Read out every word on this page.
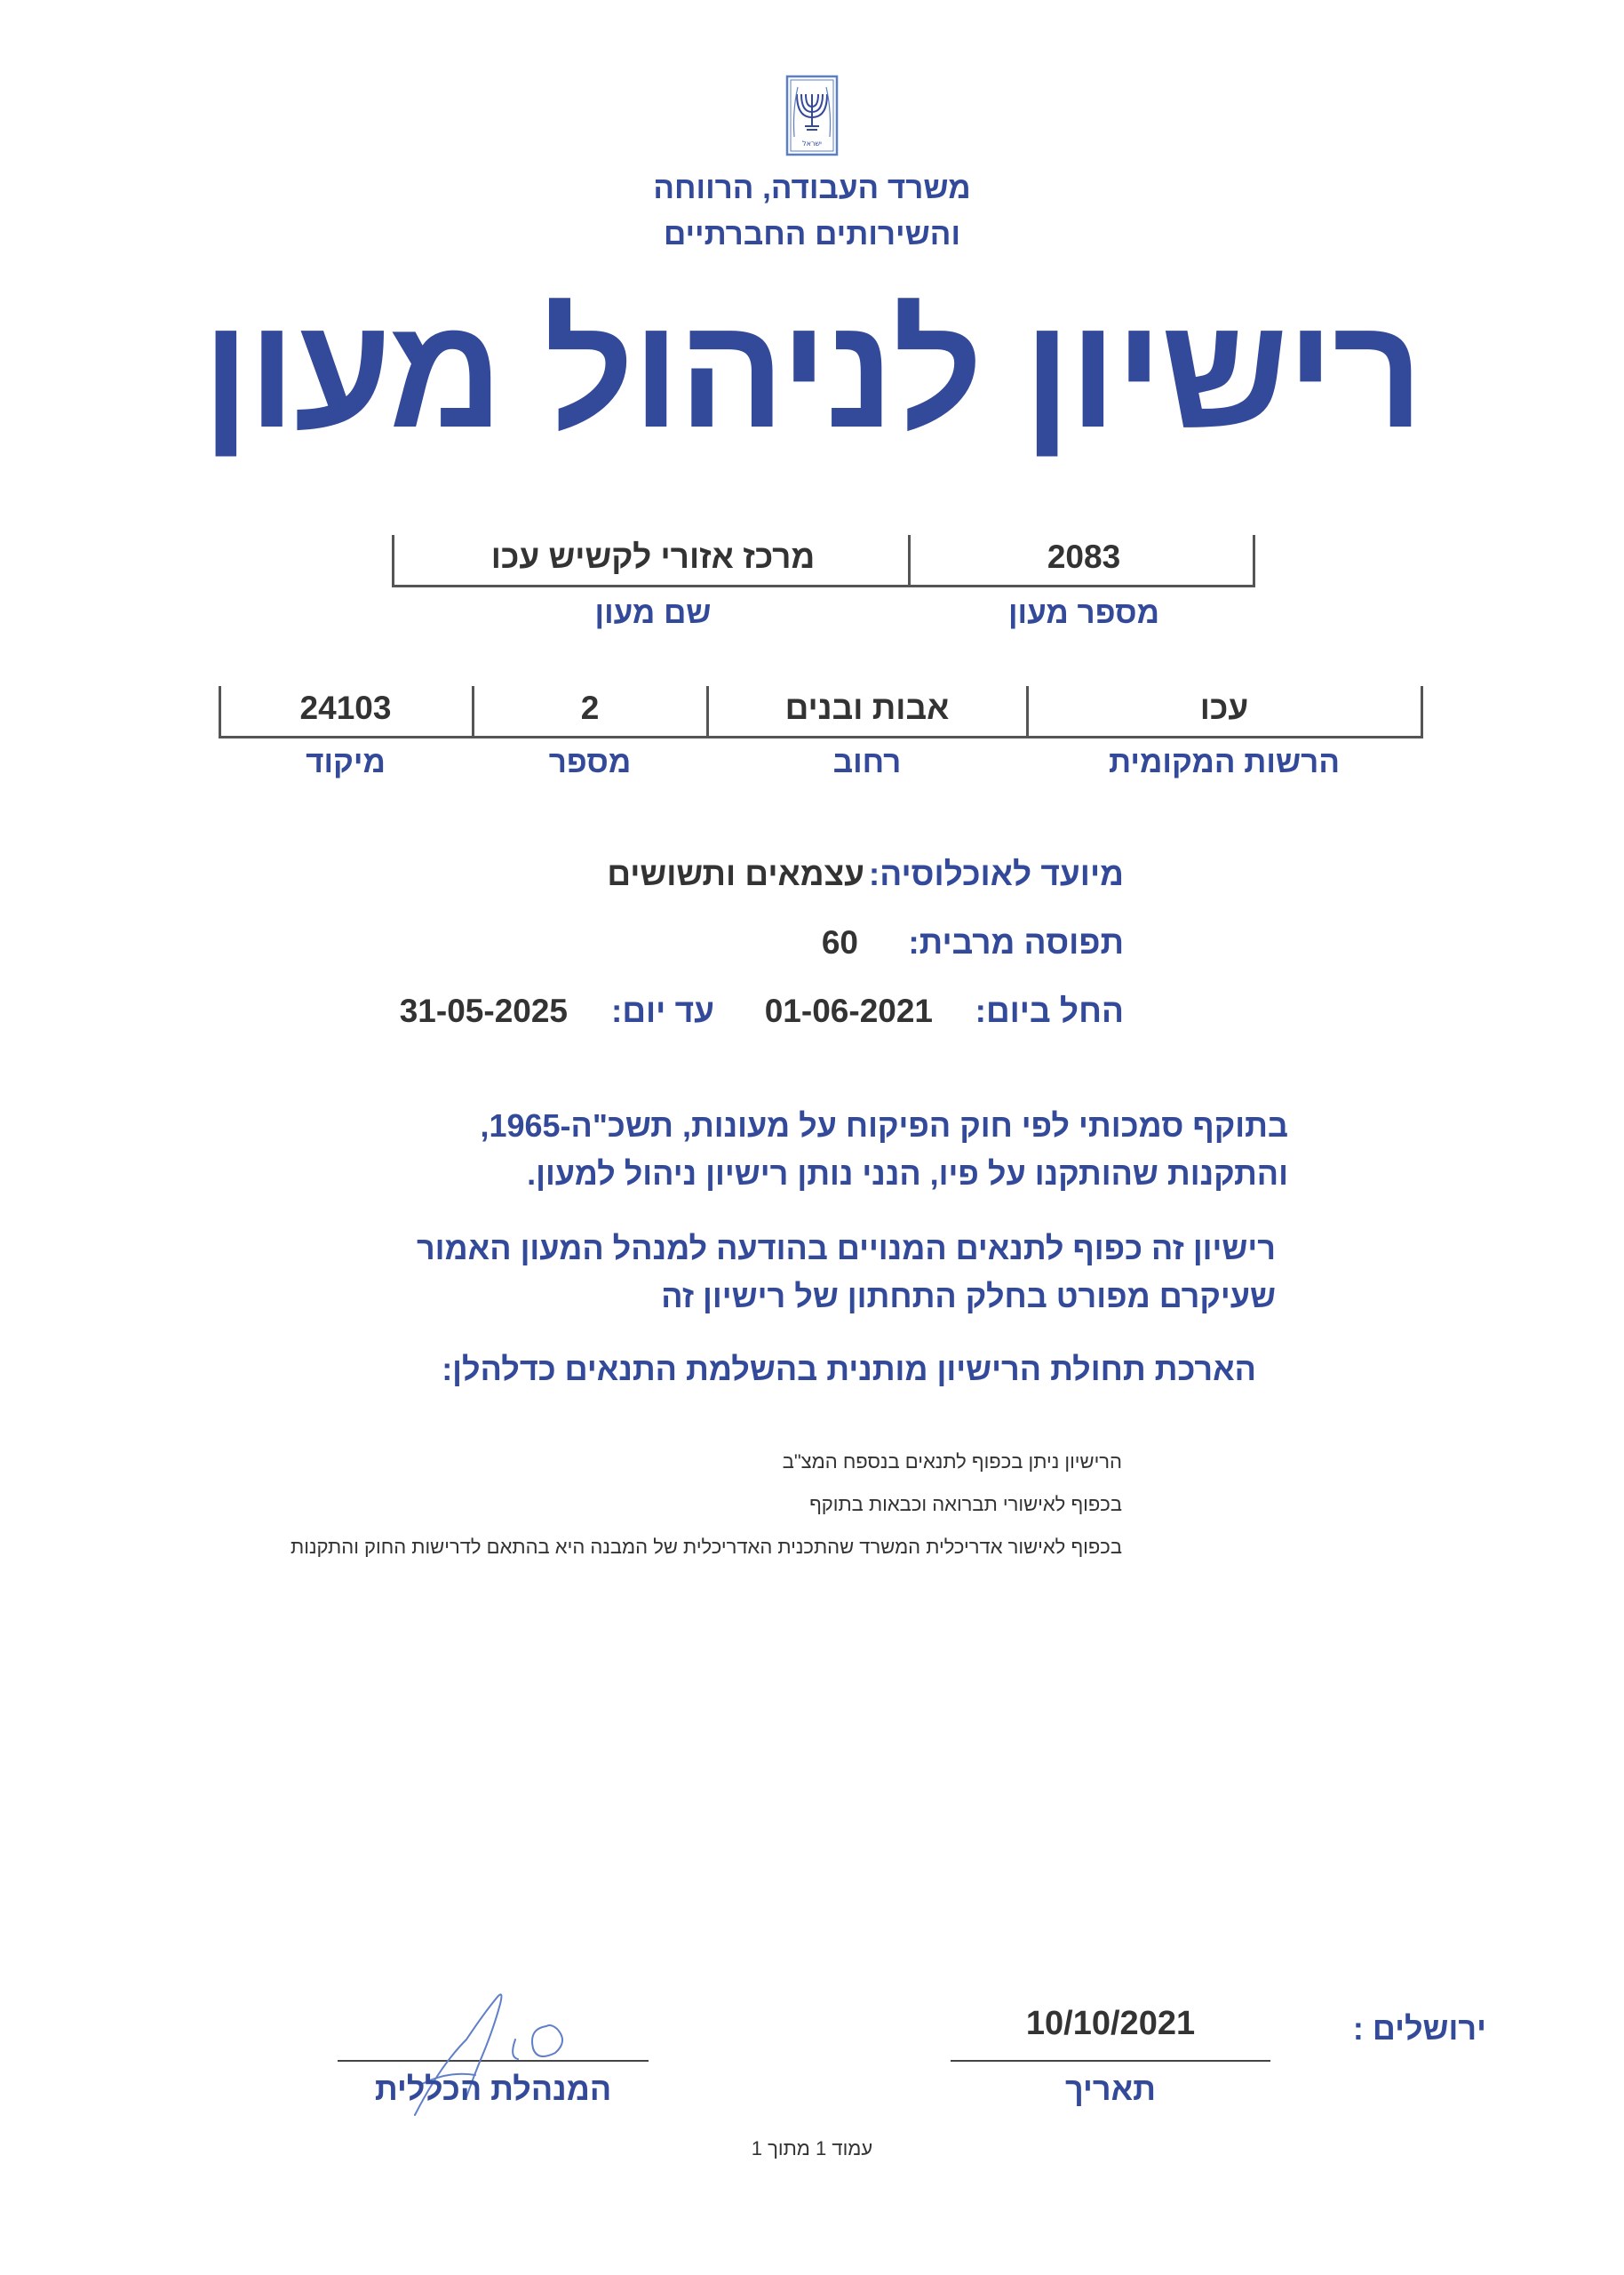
ישראל
משרד העבודה, הרווחה
והשירותים החברתיים
רישיון לניהול מעון
2083
מרכז אזורי לקשיש עכו
מספר מעון
שם מעון
עכו
אבות ובנים
2
24103
הרשות המקומית
רחוב
מספר
מיקוד
מיועד לאוכלוסיה:
עצמאים ותשושים
תפוסה מרבית:
60
החל ביום:
01-06-2021
עד יום:
31-05-2025
בתוקף סמכותי לפי חוק הפיקוח על מעונות, תשכ"ה-1965,
והתקנות שהותקנו על פיו, הנני נותן רישיון ניהול למעון.
רישיון זה כפוף לתנאים המנויים בהודעה למנהל המעון האמור
שעיקרם מפורט בחלק התחתון של רישיון זה
הארכת תחולת הרישיון מותנית בהשלמת התנאים כדלהלן:
הרישיון ניתן בכפוף לתנאים בנספח המצ"ב
בכפוף לאישורי תברואה וכבאות בתוקף
בכפוף לאישור אדריכלית המשרד שהתכנית האדריכלית של המבנה היא בהתאם לדרישות החוק והתקנות
ירושלים :
10/10/2021
תאריך
המנהלת הכללית
עמוד 1 מתוך 1
